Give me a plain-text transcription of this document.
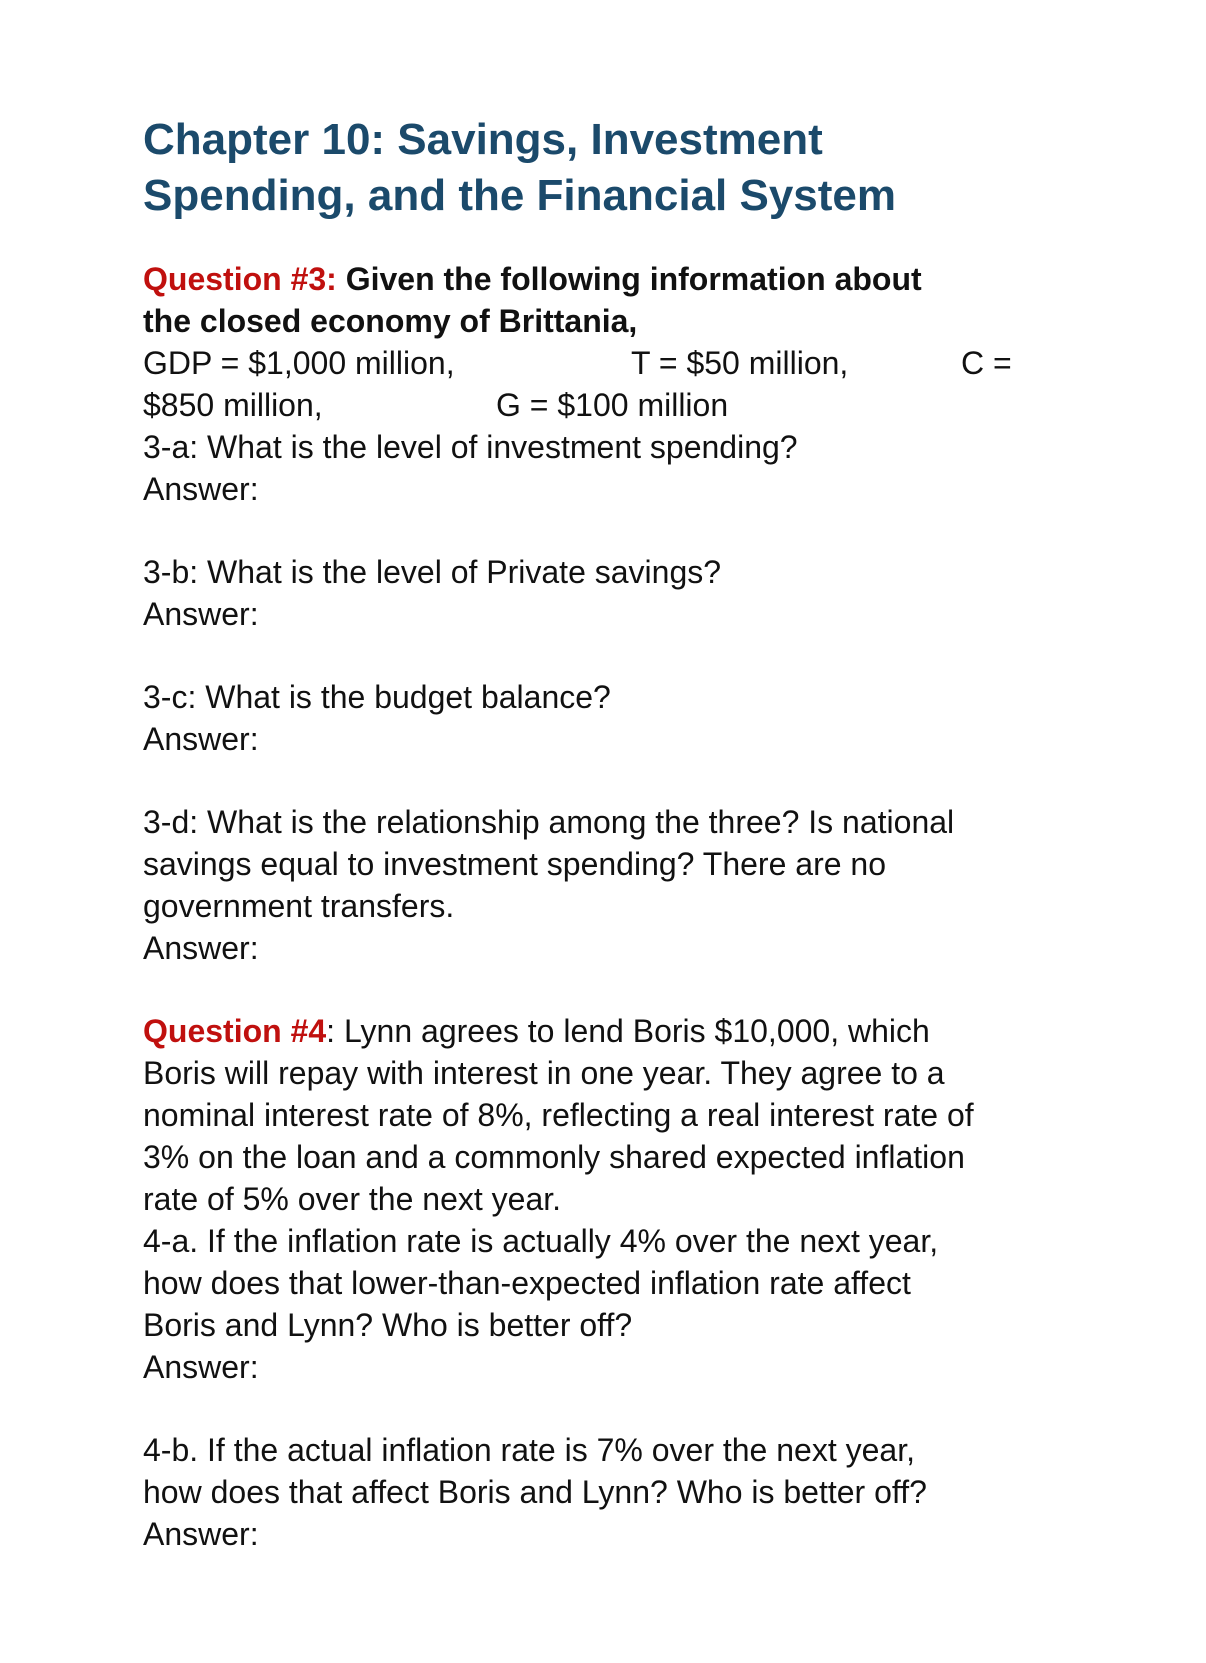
Chapter 10: Savings, Investment
Spending, and the Financial System
Question #3: Given the following information about
the closed economy of Brittania,
GDP = $1,000 million,	T = $50 million,	C =
$850 million,	G = $100 million
3-a: What is the level of investment spending?
Answer:
3-b: What is the level of Private savings?
Answer:
3-c: What is the budget balance?
Answer:
3-d: What is the relationship among the three? Is national
savings equal to investment spending? There are no
government transfers.
Answer:
Question #4: Lynn agrees to lend Boris $10,000, which
Boris will repay with interest in one year. They agree to a
nominal interest rate of 8%, reflecting a real interest rate of
3% on the loan and a commonly shared expected inflation
rate of 5% over the next year.
4-a. If the inflation rate is actually 4% over the next year,
how does that lower-than-expected inflation rate affect
Boris and Lynn? Who is better off?
Answer:
4-b. If the actual inflation rate is 7% over the next year,
how does that affect Boris and Lynn? Who is better off?
Answer:
